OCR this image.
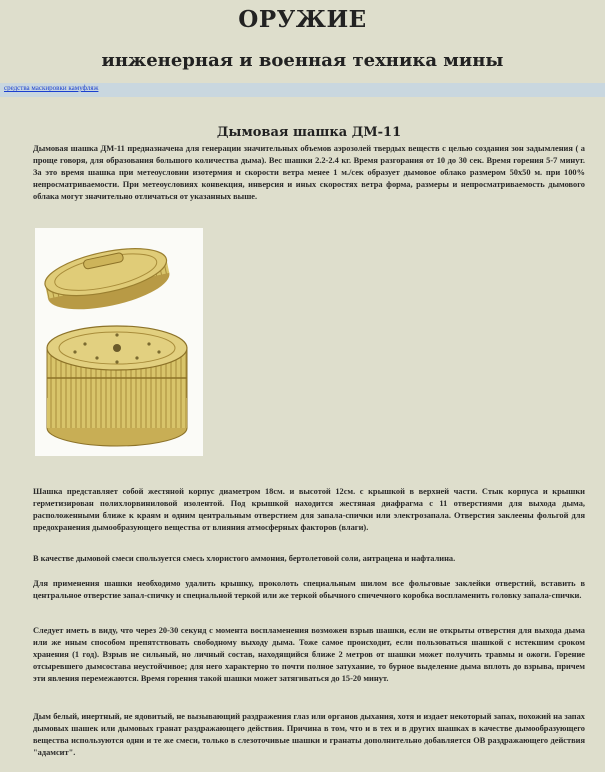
ОРУЖИЕ
инженерная и военная техника мины
средства маскировки камуфляж
Дымовая шашка ДМ-11
Дымовая шашка ДМ-11 предназначена для генерации значительных объемов аэрозолей твердых веществ с целью создания зон задымления ( а проще говоря, для образования большого количества дыма). Вес шашки 2.2-2.4 кг. Время разгорания от 10 до 30 сек. Время горения 5-7 минут. За это время шашка при метеоусловии изотермия и скорости ветра менее 1 м./сек образует дымовое облако размером 50х50 м. при 100% непросматриваемости. При метеоусловиях конвекция, инверсия и иных скоростях ветра форма, размеры и непросматриваемость дымового облака могут значительно отличаться от указанных выше.
Шашка представляет собой жестяной корпус диаметром 18см. и высотой 12см. с крышкой в верхней части. Стык корпуса и крышки герметизирован полихлорвиниловой изолентой. Под крышкой находится жестяная диафрагма с 11 отверстиями для выхода дыма, расположенными ближе к краям и одним центральным отверстием для запала-спички или электрозапала. Отверстия заклеены фольгой для предохранения дымообразующего вещества от влияния атмосферных факторов (влаги).
В качестве дымовой смеси спользуется смесь хлористого аммония, бертолетовой соли, антрацена и нафталина.
Для применения шашки необходимо удалить крышку, проколоть специальным шилом все фольговые заклейки отверстий, вставить в центральное отверстие запал-спичку и специальной теркой или же теркой обычного спичечного коробка воспламенить головку запала-спички.
Следует иметь в виду, что через 20-30 секунд с момента воспламенения возможен взрыв шашки, если не открыты отверстия для выхода дыма или же иным способом препятствовать свободному выходу дыма. Тоже самое происходит, если пользоваться шашкой с истекшим сроком хранения (1 год). Взрыв не сильный, но личный состав, находящийся ближе 2 метров от шашки может получить травмы и ожоги. Горение отсыревшего дымсостава неустойчивое; для него характерно то почти полное затухание, то бурное выделение дыма вплоть до взрыва, причем эти явления перемежаются. Время горения такой шашки может затягиваться до 15-20 минут.
Дым белый, инертный, не ядовитый, не вызывающий раздражения глаз или органов дыхания, хотя и издает некоторый запах, похожий на запах дымовых шашек или дымовых гранат раздражающего действия. Причина в том, что и в тех и в других шашках в качестве дымообразующего вещества используются одни и те же смеси, только в слезоточивые шашки и гранаты дополнительно добавляется ОВ раздражающего действия "адамсит".
